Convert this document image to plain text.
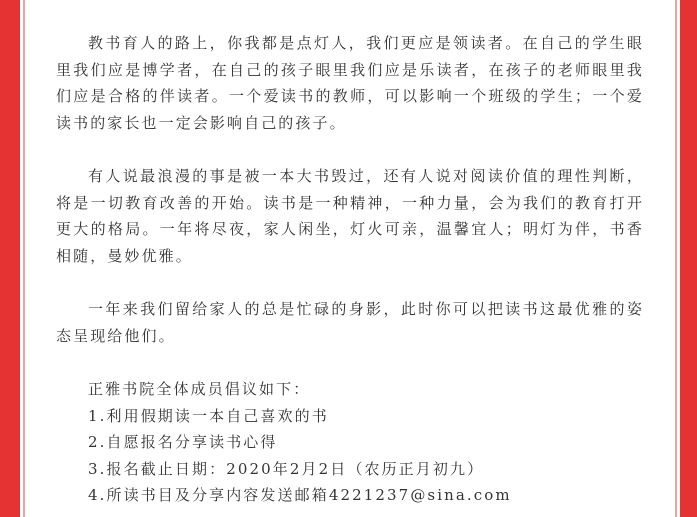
教书育人的路上，你我都是点灯人，我们更应是领读者。在自己的学生眼里我们应是博学者，在自己的孩子眼里我们应是乐读者，在孩子的老师眼里我们应是合格的伴读者。一个爱读书的教师，可以影响一个班级的学生；一个爱读书的家长也一定会影响自己的孩子。

有人说最浪漫的事是被一本大书毁过，还有人说对阅读价值的理性判断，将是一切教育改善的开始。读书是一种精神，一种力量，会为我们的教育打开更大的格局。一年将尽夜，家人闲坐，灯火可亲，温馨宜人；明灯为伴，书香相随，曼妙优雅。

一年来我们留给家人的总是忙碌的身影，此时你可以把读书这最优雅的姿态呈现给他们。

正雅书院全体成员倡议如下：

1.利用假期读一本自己喜欢的书
2.自愿报名分享读书心得
3.报名截止日期：2020年2月2日（农历正月初九）
4.所读书目及分享内容发送邮箱4221237@sina.com
